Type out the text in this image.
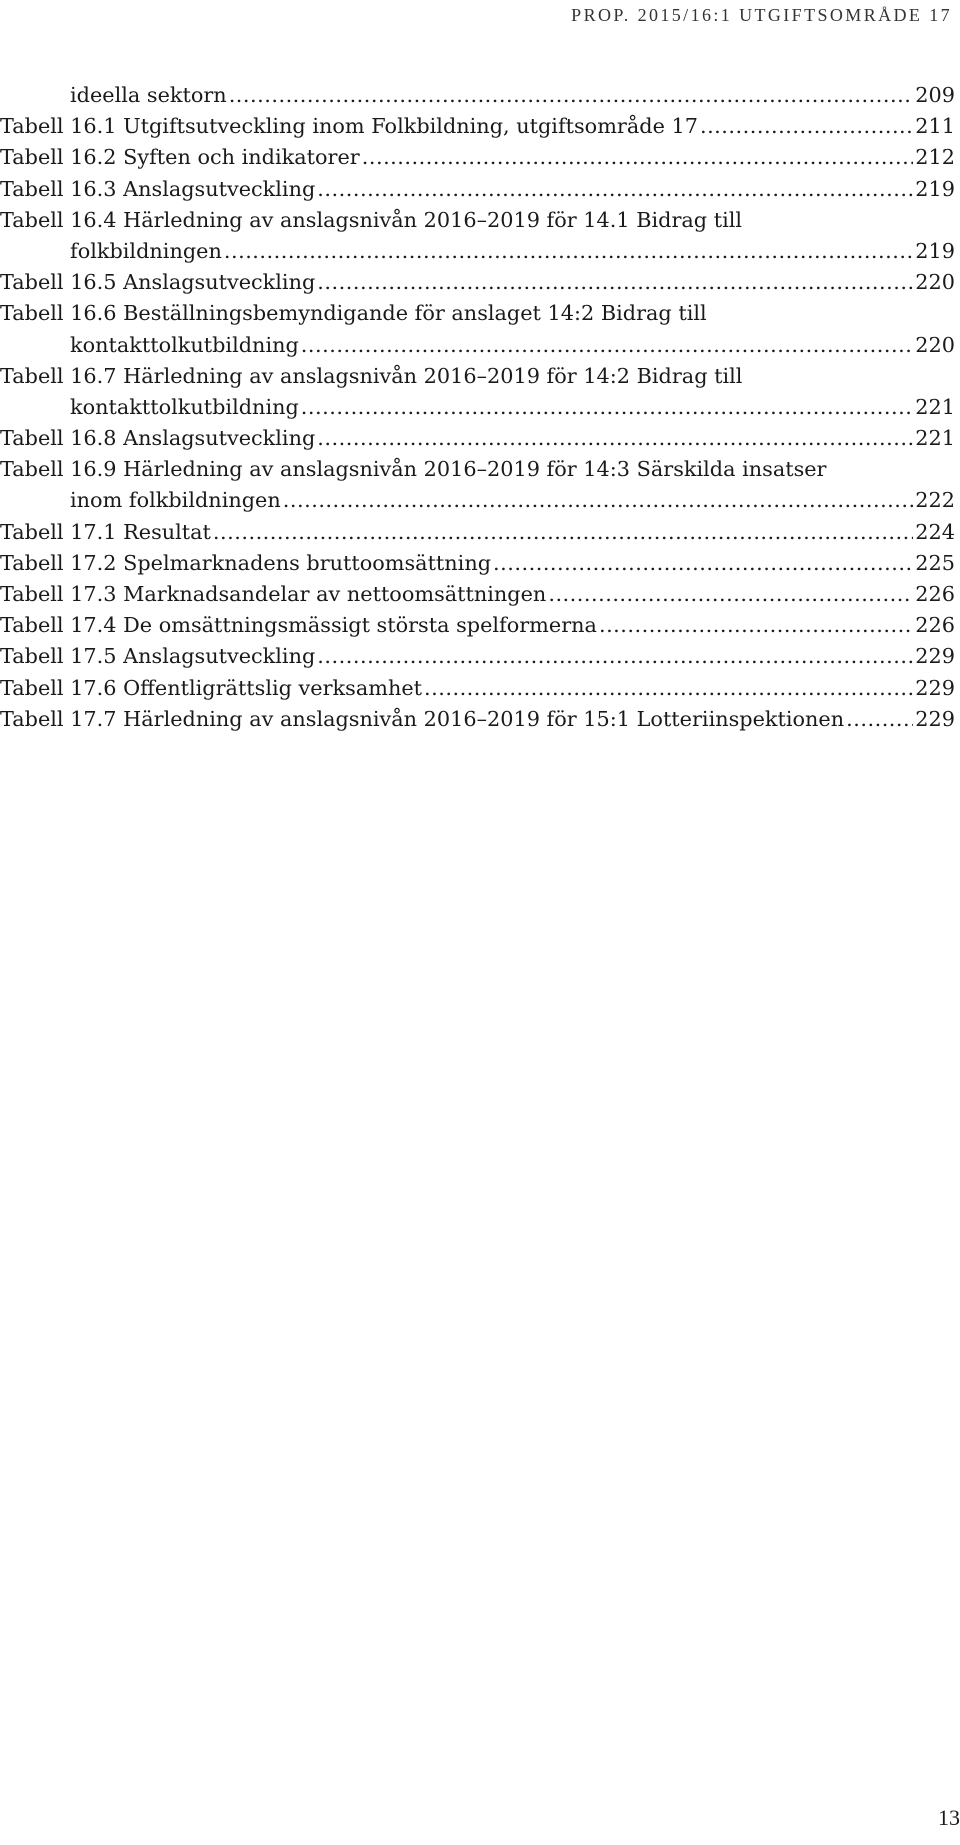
PROP. 2015/16:1 UTGIFTSOMRÅDE 17
ideella sektorn .....	209
Tabell 16.1 Utgiftsutveckling inom Folkbildning, utgiftsområde 17 .....	211
Tabell 16.2 Syften och indikatorer .....	212
Tabell 16.3 Anslagsutveckling .....	219
Tabell 16.4 Härledning av anslagsnivån 2016–2019 för 14.1 Bidrag till
folkbildningen .....	219
Tabell 16.5 Anslagsutveckling .....	220
Tabell 16.6 Beställningsbemyndigande för anslaget 14:2 Bidrag till
kontakttolkutbildning .....	220
Tabell 16.7 Härledning av anslagsnivån 2016–2019 för 14:2 Bidrag till
kontakttolkutbildning .....	221
Tabell 16.8 Anslagsutveckling .....	221
Tabell 16.9 Härledning av anslagsnivån 2016–2019 för 14:3 Särskilda insatser
inom folkbildningen .....	222
Tabell 17.1 Resultat .....	224
Tabell 17.2 Spelmarknadens bruttoomsättning .....	225
Tabell 17.3 Marknadsandelar av nettoomsättningen .....	226
Tabell 17.4 De omsättningsmässigt största spelformerna .....	226
Tabell 17.5 Anslagsutveckling .....	229
Tabell 17.6 Offentligrättslig verksamhet .....	229
Tabell 17.7 Härledning av anslagsnivån 2016–2019 för 15:1 Lotteriinspektionen .....	229
13
